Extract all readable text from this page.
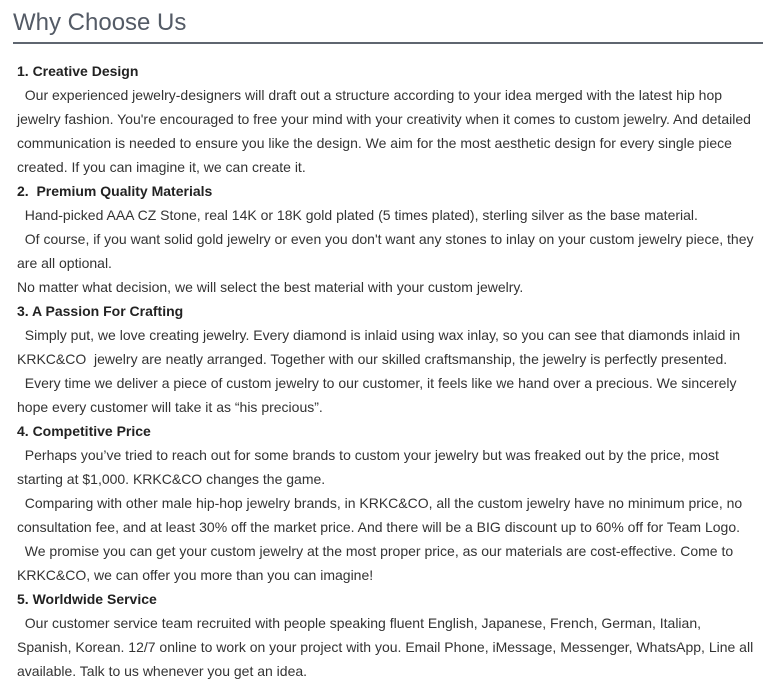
Why Choose Us
1. Creative Design

Our experienced jewelry-designers will draft out a structure according to your idea merged with the latest hip hop jewelry fashion. You're encouraged to free your mind with your creativity when it comes to custom jewelry. And detailed communication is needed to ensure you like the design. We aim for the most aesthetic design for every single piece created. If you can imagine it, we can create it.

2.  Premium Quality Materials

Hand-picked AAA CZ Stone, real 14K or 18K gold plated (5 times plated), sterling silver as the base material.

Of course, if you want solid gold jewelry or even you don't want any stones to inlay on your custom jewelry piece, they are all optional.

No matter what decision, we will select the best material with your custom jewelry.

3. A Passion For Crafting

Simply put, we love creating jewelry. Every diamond is inlaid using wax inlay, so you can see that diamonds inlaid in KRKC&CO  jewelry are neatly arranged. Together with our skilled craftsmanship, the jewelry is perfectly presented.

Every time we deliver a piece of custom jewelry to our customer, it feels like we hand over a precious. We sincerely hope every customer will take it as “his precious”.

4. Competitive Price

Perhaps you’ve tried to reach out for some brands to custom your jewelry but was freaked out by the price, most starting at $1,000. KRKC&CO changes the game.

Comparing with other male hip-hop jewelry brands, in KRKC&CO, all the custom jewelry have no minimum price, no consultation fee, and at least 30% off the market price. And there will be a BIG discount up to 60% off for Team Logo.

We promise you can get your custom jewelry at the most proper price, as our materials are cost-effective. Come to KRKC&CO, we can offer you more than you can imagine!

5. Worldwide Service

Our customer service team recruited with people speaking fluent English, Japanese, French, German, Italian, Spanish, Korean. 12/7 online to work on your project with you. Email Phone, iMessage, Messenger, WhatsApp, Line all available. Talk to us whenever you get an idea.
